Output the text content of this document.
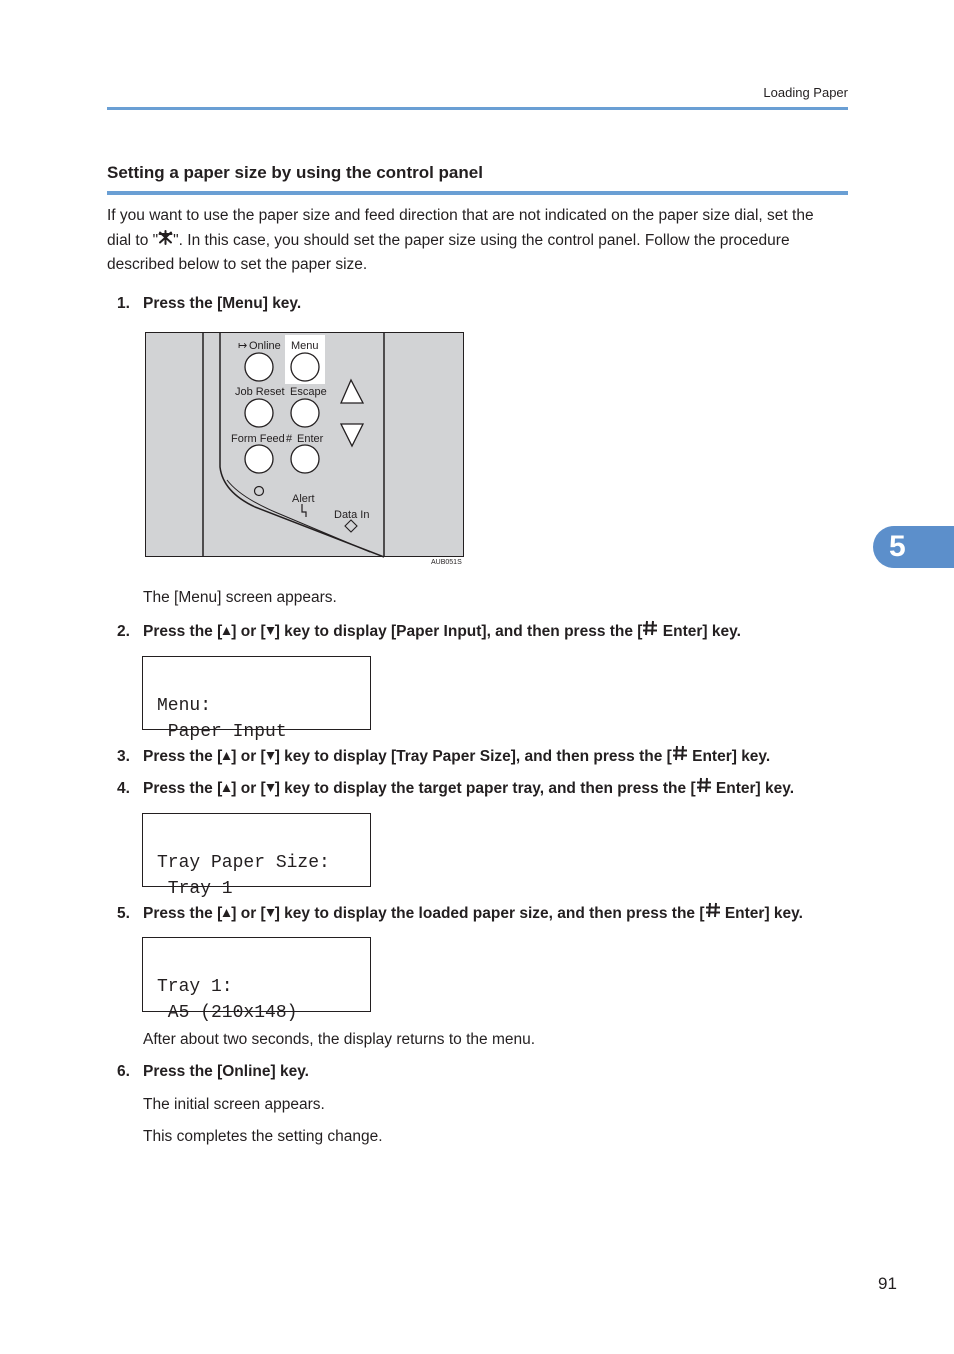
Loading Paper
Setting a paper size by using the control panel
If you want to use the paper size and feed direction that are not indicated on the paper size dial, set the
dial to " ". In this case, you should set the paper size using the control panel. Follow the procedure
described below to set the paper size.
1. Press the [Menu] key.
↦ Online Menu
Job Reset Escape
Form Feed # Enter
Alert
Data In
AUB051S
The [Menu] screen appears.
2. Press the [ ] or [ ] key to display [Paper Input], and then press the [ Enter] key.

Menu:
Paper Input
3. Press the [ ] or [ ] key to display [Tray Paper Size], and then press the [ Enter] key.
4. Press the [ ] or [ ] key to display the target paper tray, and then press the [ Enter] key.

Tray Paper Size:
Tray 1
5. Press the [ ] or [ ] key to display the loaded paper size, and then press the [ Enter] key.

Tray 1:
A5 (210x148)
After about two seconds, the display returns to the menu.
6. Press the [Online] key.
The initial screen appears.
This completes the setting change.
5
91
